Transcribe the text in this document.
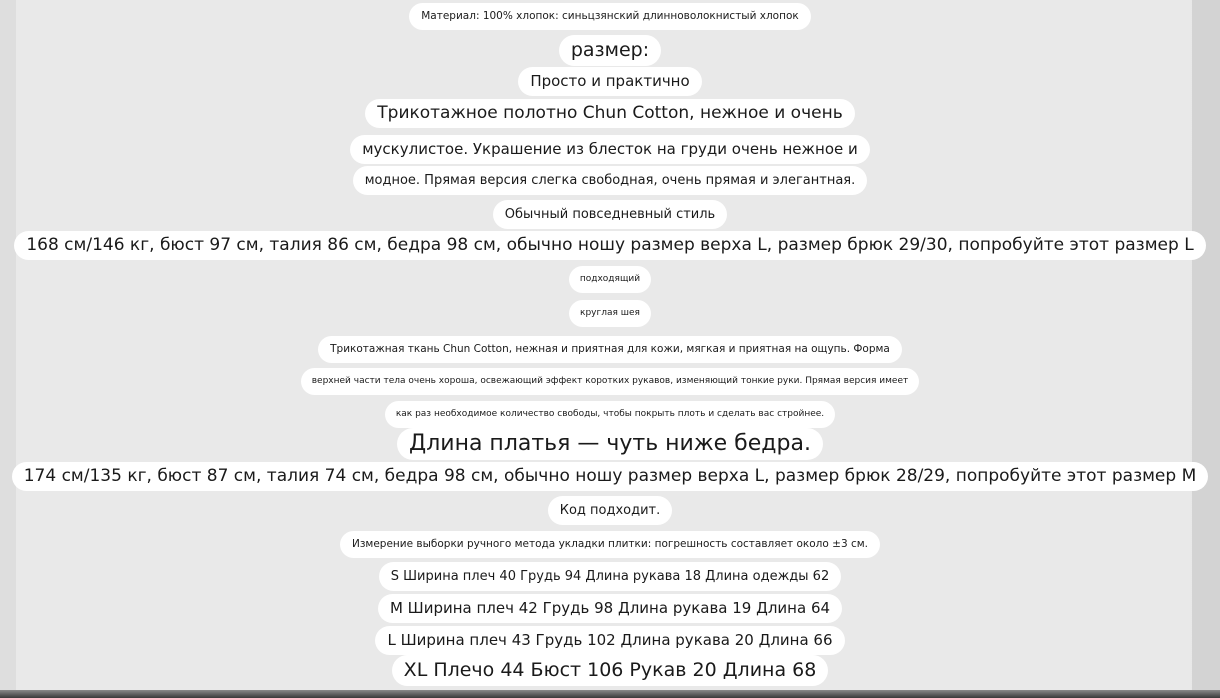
Материал: 100% хлопок: синьцзянский длинноволокнистый хлопок
размер:
Просто и практично
Трикотажное полотно Chun Cotton, нежное и очень
мускулистое. Украшение из блесток на груди очень нежное и
модное. Прямая версия слегка свободная, очень прямая и элегантная.
Обычный повседневный стиль
168 см/146 кг, бюст 97 см, талия 86 см, бедра 98 см, обычно ношу размер верха L, размер брюк 29/30, попробуйте этот размер L
подходящий
круглая шея
Трикотажная ткань Chun Cotton, нежная и приятная для кожи, мягкая и приятная на ощупь. Форма
верхней части тела очень хороша, освежающий эффект коротких рукавов, изменяющий тонкие руки. Прямая версия имеет
как раз необходимое количество свободы, чтобы покрыть плоть и сделать вас стройнее.
Длина платья — чуть ниже бедра.
174 см/135 кг, бюст 87 см, талия 74 см, бедра 98 см, обычно ношу размер верха L, размер брюк 28/29, попробуйте этот размер M
Код подходит.
Измерение выборки ручного метода укладки плитки: погрешность составляет около ±3 см.
S Ширина плеч 40 Грудь 94 Длина рукава 18 Длина одежды 62
M Ширина плеч 42 Грудь 98 Длина рукава 19 Длина 64
L Ширина плеч 43 Грудь 102 Длина рукава 20 Длина 66
XL Плечо 44 Бюст 106 Рукав 20 Длина 68
